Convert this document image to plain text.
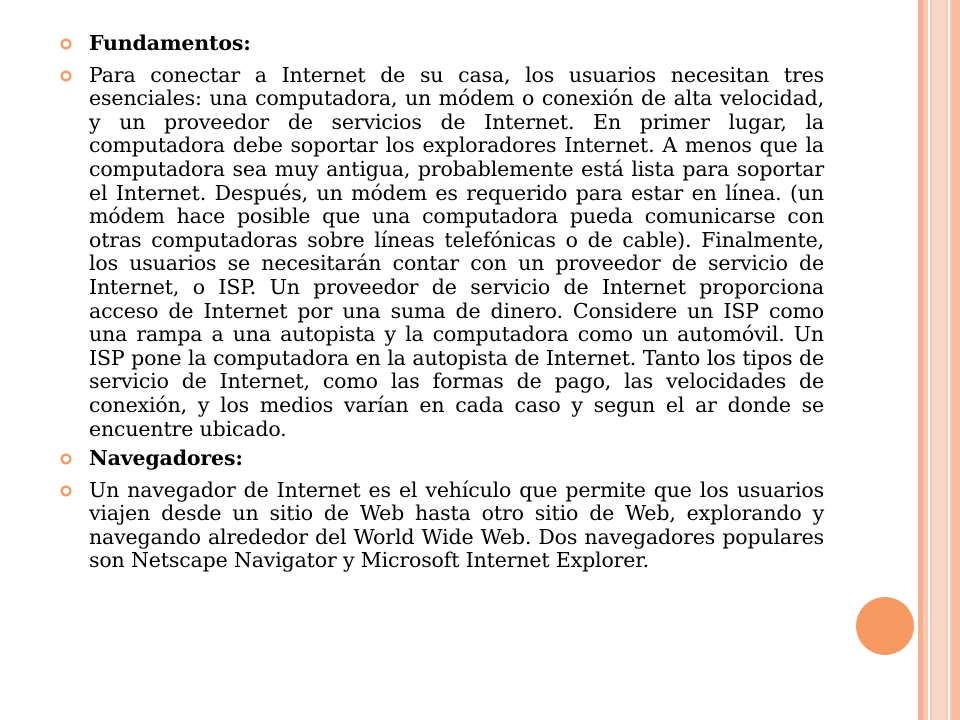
Fundamentos:

Para conectar a Internet de su casa, los usuarios necesitan tres esenciales: una computadora, un módem o conexión de alta velocidad, y un proveedor de servicios de Internet. En primer lugar, la computadora debe soportar los exploradores Internet. A menos que la computadora sea muy antigua, probablemente está lista para soportar el Internet. Después, un módem es requerido para estar en línea. (un módem hace posible que una computadora pueda comunicarse con otras computadoras sobre líneas telefónicas o de cable). Finalmente, los usuarios se necesitarán contar con un proveedor de servicio de Internet, o ISP. Un proveedor de servicio de Internet proporciona acceso de Internet por una suma de dinero. Considere un ISP como una rampa a una autopista y la computadora como un automóvil. Un ISP pone la computadora en la autopista de Internet. Tanto los tipos de servicio de Internet, como las formas de pago, las velocidades de conexión, y los medios varían en cada caso y segun el ar donde se encuentre ubicado.

Navegadores:

Un navegador de Internet es el vehículo que permite que los usuarios viajen desde un sitio de Web hasta otro sitio de Web, explorando y navegando alrededor del World Wide Web. Dos navegadores populares son Netscape Navigator y Microsoft Internet Explorer.
